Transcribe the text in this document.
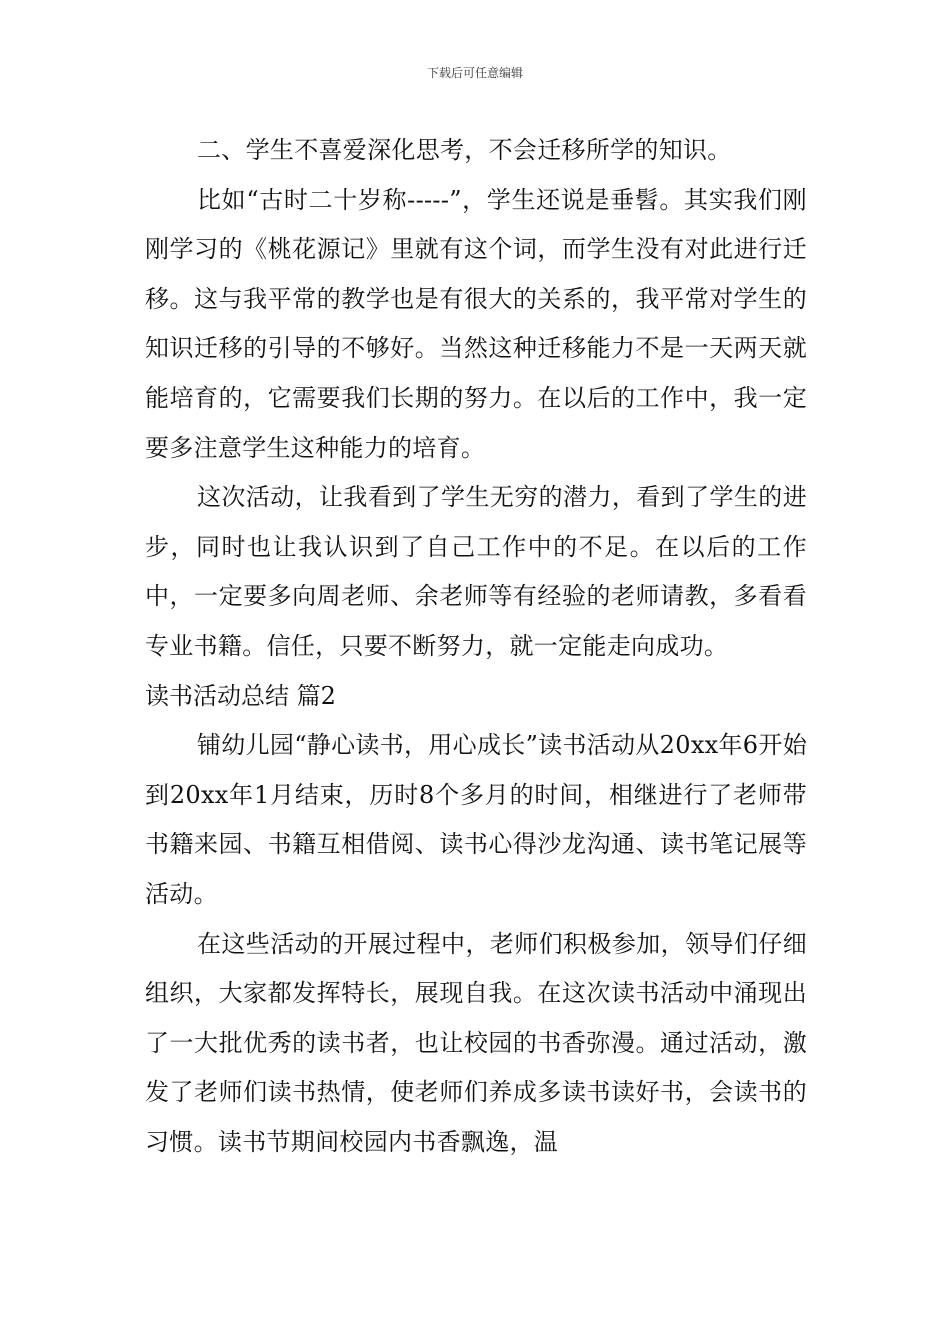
下载后可任意编辑

二、学生不喜爱深化思考，不会迁移所学的知识。

比如“古时二十岁称-----”，学生还说是垂髫。其实我们刚刚学习的《桃花源记》里就有这个词，而学生没有对此进行迁移。这与我平常的教学也是有很大的关系的，我平常对学生的知识迁移的引导的不够好。当然这种迁移能力不是一天两天就能培育的，它需要我们长期的努力。在以后的工作中，我一定要多注意学生这种能力的培育。

这次活动，让我看到了学生无穷的潜力，看到了学生的进步，同时也让我认识到了自己工作中的不足。在以后的工作中，一定要多向周老师、余老师等有经验的老师请教，多看看专业书籍。信任，只要不断努力，就一定能走向成功。

读书活动总结 篇2

铺幼儿园“静心读书，用心成长”读书活动从20xx年6开始到20xx年1月结束，历时8个多月的时间，相继进行了老师带书籍来园、书籍互相借阅、读书心得沙龙沟通、读书笔记展等活动。

在这些活动的开展过程中，老师们积极参加，领导们仔细组织，大家都发挥特长，展现自我。在这次读书活动中涌现出了一大批优秀的读书者，也让校园的书香弥漫。通过活动，激发了老师们读书热情，使老师们养成多读书读好书，会读书的习惯。读书节期间校园内书香飘逸，温
